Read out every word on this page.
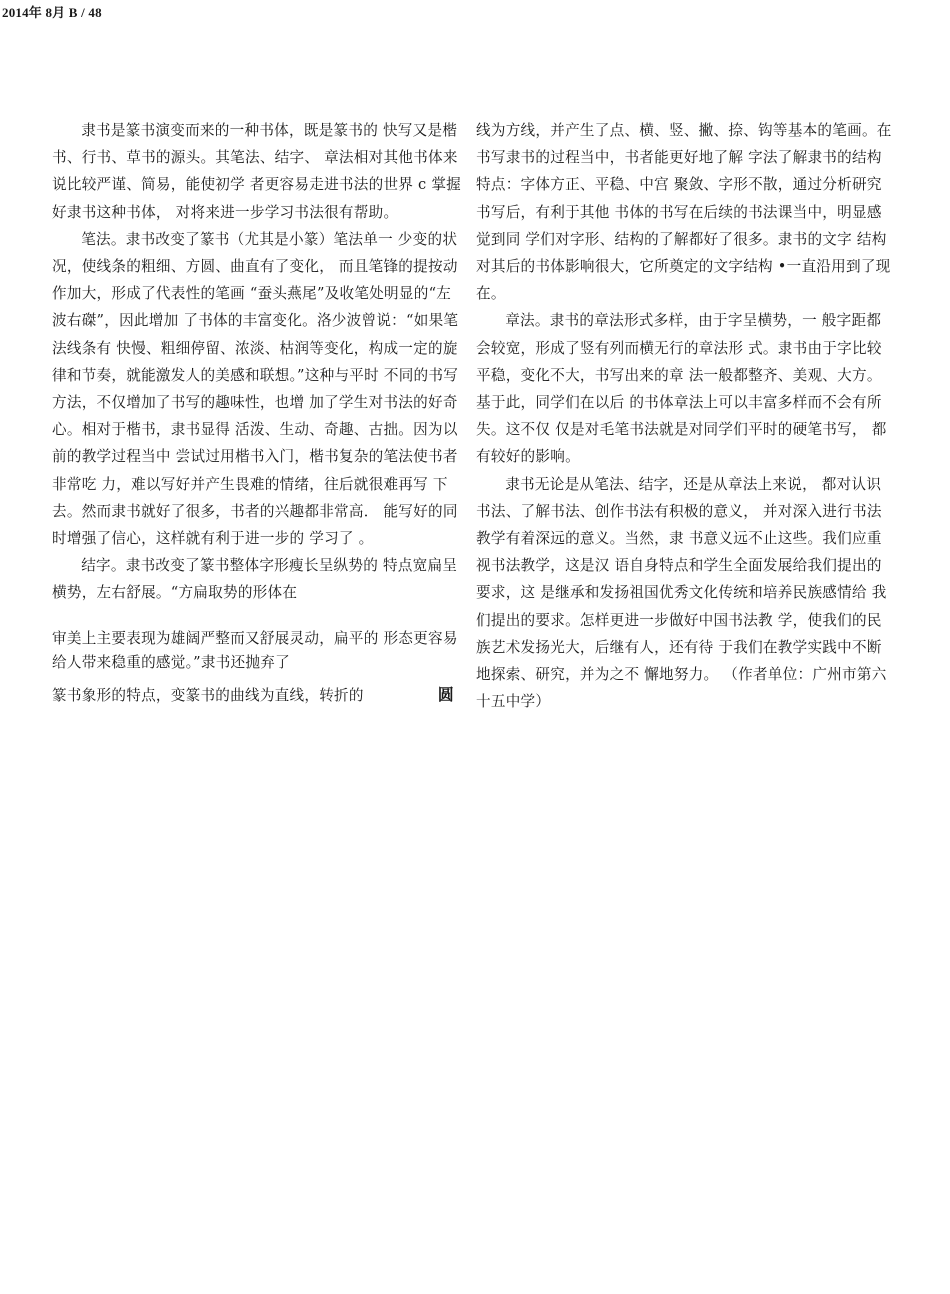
2014年 8月 B / 48

隶书是篆书演变而来的一种书体，既是篆书的 快写又是楷书、行书、草书的源头。其笔法、结字、 章法相对其他书体来说比较严谨、简易，能使初学 者更容易走进书法的世界 c 掌握好隶书这种书体， 对将来进一步学习书法很有帮助。

笔法。隶书改变了篆书（尤其是小篆）笔法单一 少变的状况，使线条的粗细、方圆、曲直有了变化， 而且笔锋的提按动作加大，形成了代表性的笔画 “蚕头燕尾”及收笔处明显的“左波右磔”，因此增加 了书体的丰富变化。洛少波曾说：“如果笔法线条有 快慢、粗细停留、浓淡、枯润等变化，构成一定的旋 律和节奏，就能激发人的美感和联想。”这种与平时 不同的书写方法，不仅增加了书写的趣味性，也增 加了学生对书法的好奇心。相对于楷书，隶书显得 活泼、生动、奇趣、古拙。因为以前的教学过程当中 尝试过用楷书入门，楷书复杂的笔法使书者非常吃 力，难以写好并产生畏难的情绪，往后就很难再写 下去。然而隶书就好了很多，书者的兴趣都非常高． 能写好的同时增强了信心，这样就有利于进一步的 学习了 。

结字。隶书改变了篆书整体字形瘦长呈纵势的 特点宽扁呈横势，左右舒展。“方扁取势的形体在

审美上主要表现为雄阔严整而又舒展灵动，扁平的 形态更容易给人带来稳重的感觉。”隶书还抛弃了

篆书象形的特点，变篆书的曲线为直线，转折的	圆

线为方线，并产生了点、横、竖、撇、捺、钩等基本的笔画。在书写隶书的过程当中，书者能更好地了解 字法了解隶书的结构特点：字体方正、平稳、中宫 聚敛、字形不散，通过分析研究书写后，有利于其他 书体的书写在后续的书法课当中，明显感觉到同 学们对字形、结构的了解都好了很多。隶书的文字 结构对其后的书体影响很大，它所奠定的文字结构 •一直沿用到了现在。

章法。隶书的章法形式多样，由于字呈横势，一 般字距都会较宽，形成了竖有列而横无行的章法形 式。隶书由于字比较平稳，变化不大，书写出来的章 法一般都整齐、美观、大方。基于此，同学们在以后 的书体章法上可以丰富多样而不会有所失。这不仅 仅是对毛笔书法就是对同学们平时的硬笔书写， 都有较好的影响。

隶书无论是从笔法、结字，还是从章法上来说， 都对认识书法、了解书法、创作书法有积极的意义， 并对深入进行书法教学有着深远的意义。当然，隶 书意义远不止这些。我们应重视书法教学，这是汉 语自身特点和学生全面发展给我们提出的要求，这 是继承和发扬祖国优秀文化传统和培养民族感情给 我们提出的要求。怎样更进一步做好中国书法教 学，使我们的民族艺术发扬光大，后继有人，还有待 于我们在教学实践中不断地探索、研究，并为之不 懈地努力。 （作者单位：广州市第六十五中学）
